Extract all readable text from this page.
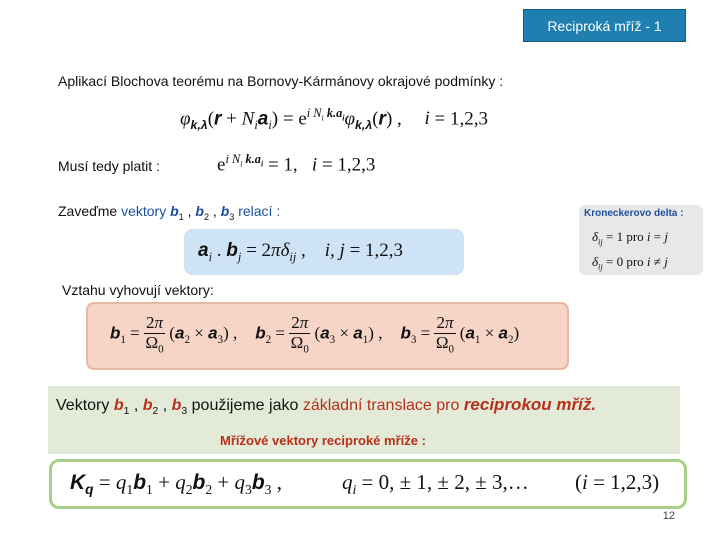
Reciproká mříž - 1
Aplikací Blochova teorému na Bornovy-Kármánovy okrajové podmínky :
$\varphi_{k,\lambda}(r + N_ia_i) = e^{i N_i k.a_i}\varphi_{k,\lambda}(r)$ , i = 1,2,3
Musí tedy platit :	$e^{i N_i k.a_i} = 1$,   i = 1,2,3
Zaveďme vektory $b_1$ , $b_2$ , $b_3$ relací :
$a_i$ . $b_j = 2\pi\delta_{ij}$ ,    i, j = 1,2,3
Kroneckerovo delta :
$\delta_{ij} = 1$ pro i = j
$\delta_{ij} = 0$ pro i ≠ j
Vztahu vyhovují vektory:
$b_1 = \frac{2\pi}{\Omega_0} (a_2 \times a_3)$ , $b_2 = \frac{2\pi}{\Omega_0} (a_3 \times a_1)$ , $b_3 = \frac{2\pi}{\Omega_0} (a_1 \times a_2)$
Vektory $b_1$ , $b_2$ , $b_3$ použijeme jako základní translace pro reciprokou mříž.
Mřížové vektory reciproké mříže :
$K_q = q_1b_1 + q_2b_2 + q_3b_3$ ,	$q_i = 0$, ± 1, ± 2, ± 3,… (i = 1,2,3)
12
